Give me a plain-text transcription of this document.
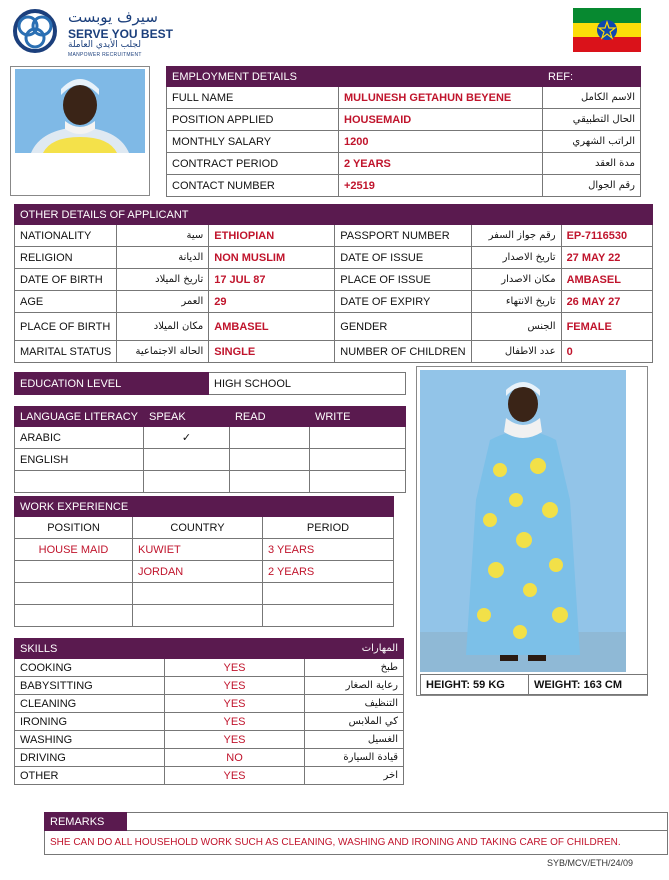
سيرف يوبست
SERVE YOU BEST
لجلب الأيدي العاملة
MANPOWER RECRUITMENT
EMPLOYMENT DETAILS		REF:
FULL NAME	MULUNESH GETAHUN BEYENE	الاسم الكامل
POSITION APPLIED	HOUSEMAID	الحال التطبيقي
MONTHLY SALARY	1200	الراتب الشهري
CONTRACT PERIOD	2 YEARS	مدة العقد
CONTACT NUMBER	+2519	رقم الجوال
OTHER DETAILS OF APPLICANT					
NATIONALITY	سية	ETHIOPIAN	PASSPORT NUMBER	رقم جواز السفر	EP-7116530
RELIGION	الديانة	NON MUSLIM	DATE OF ISSUE	تاريخ الاصدار	27 MAY 22
DATE OF BIRTH	تاريخ الميلاد	17 JUL 87	PLACE OF ISSUE	مكان الاصدار	AMBASEL
AGE	العمر	29	DATE OF EXPIRY	تاريخ الانتهاء	26 MAY 27
PLACE OF BIRTH	مكان الميلاد	AMBASEL	GENDER	الجنس	FEMALE
MARITAL STATUS	الحالة الاجتماعية	SINGLE	NUMBER OF CHILDREN	عدد الاطفال	0
EDUCATION LEVEL	HIGH SCHOOL
LANGUAGE LITERACY	SPEAK	READ	WRITE
ARABIC	✓		
ENGLISH			

WORK EXPERIENCE		
POSITION	COUNTRY	PERIOD
HOUSE MAID	KUWIET	3 YEARS
	JORDAN	2 YEARS

HEIGHT: 59 KG	WEIGHT: 163 CM
SKILLS		المهارات
COOKING	YES	طبخ
BABYSITTING	YES	رعاية الصغار
CLEANING	YES	التنظيف
IRONING	YES	كي الملابس
WASHING	YES	الغسيل
DRIVING	NO	قيادة السيارة
OTHER	YES	اخر
REMARKS	
SHE CAN DO ALL HOUSEHOLD WORK SUCH AS CLEANING, WASHING AND IRONING AND TAKING CARE OF CHILDREN.
SYB/MCV/ETH/24/09
